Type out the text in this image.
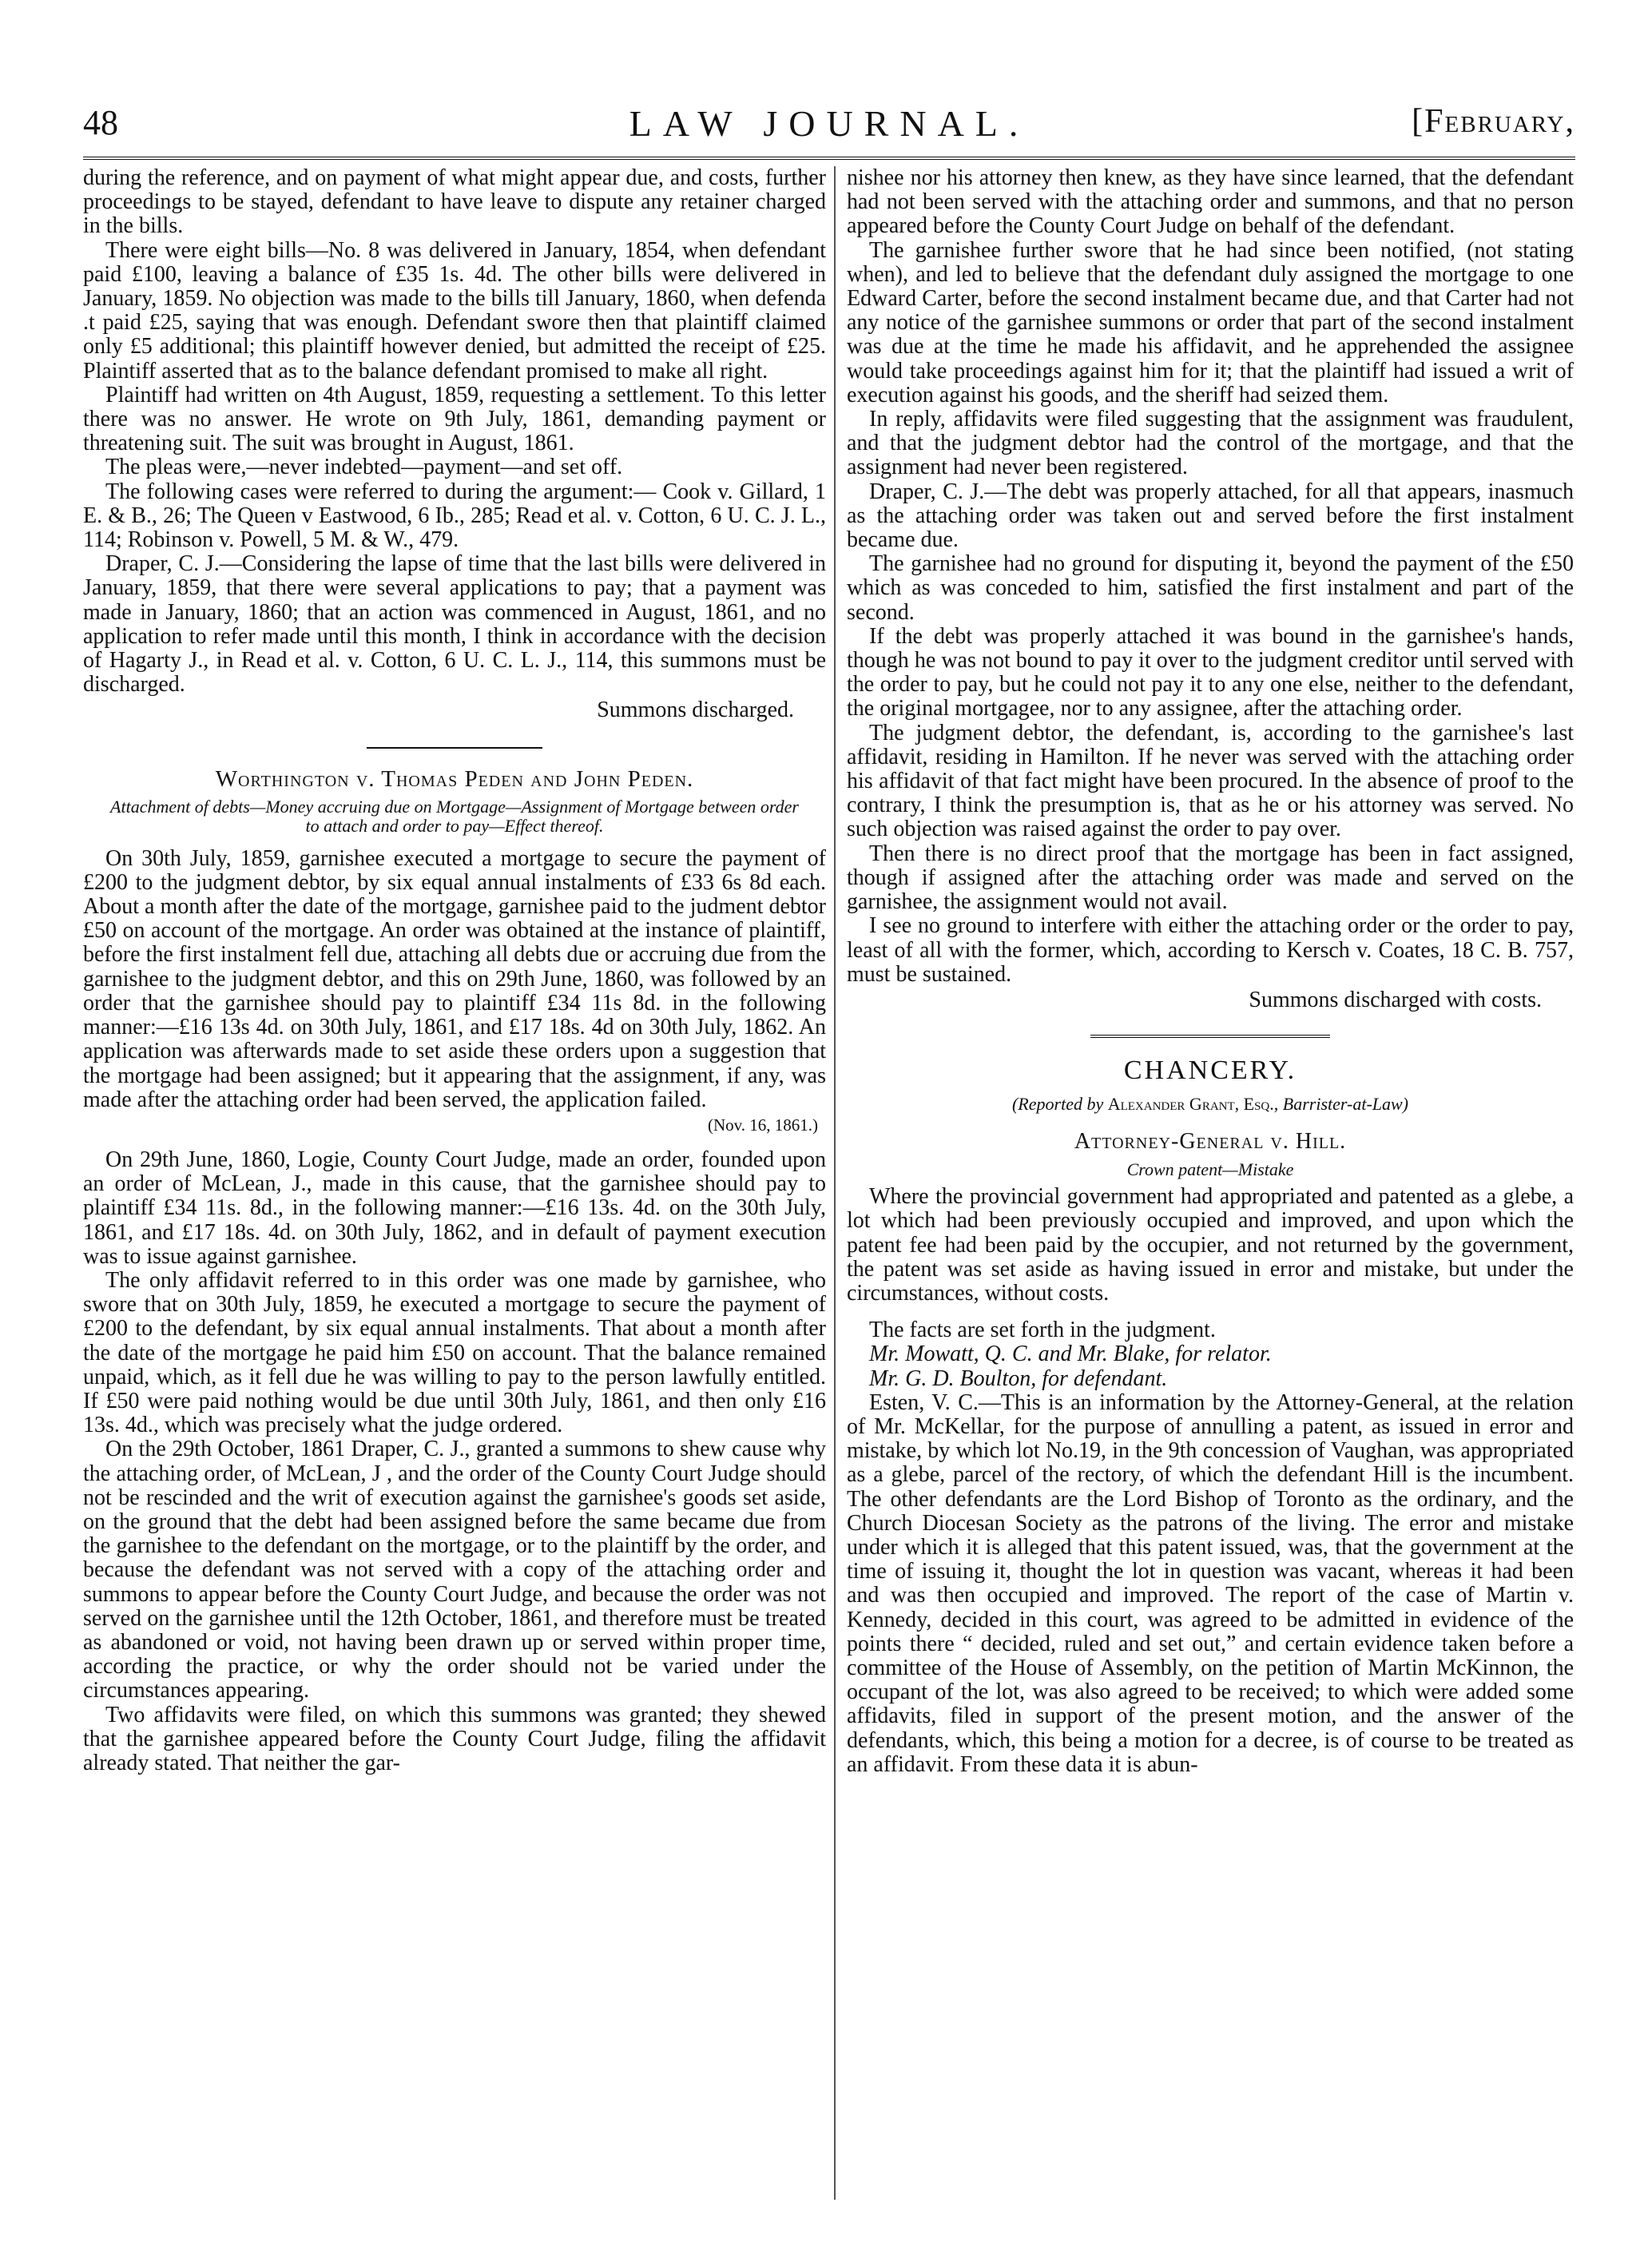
48	LAW JOURNAL.	[February,

during the reference, and on payment of what might appear due, and costs, further proceedings to be stayed, defendant to have leave to dispute any retainer charged in the bills.

There were eight bills—No. 8 was delivered in January, 1854, when defendant paid £100, leaving a balance of £35 1s. 4d. The other bills were delivered in January, 1859. No objection was made to the bills till January, 1860, when defenda .t paid £25, saying that was enough. Defendant swore then that plaintiff claimed only £5 additional; this plaintiff however denied, but admitted the receipt of £25. Plaintiff asserted that as to the balance defendant promised to make all right.

Plaintiff had written on 4th August, 1859, requesting a settlement. To this letter there was no answer. He wrote on 9th July, 1861, demanding payment or threatening suit. The suit was brought in August, 1861.

The pleas were,—never indebted—payment—and set off.

The following cases were referred to during the argument:— Cook v. Gillard, 1 E. & B., 26; The Queen v Eastwood, 6 Ib., 285; Read et al. v. Cotton, 6 U. C. J. L., 114; Robinson v. Powell, 5 M. & W., 479.

Draper, C. J.—Considering the lapse of time that the last bills were delivered in January, 1859, that there were several applications to pay; that a payment was made in January, 1860; that an action was commenced in August, 1861, and no application to refer made until this month, I think in accordance with the decision of Hagarty J., in Read et al. v. Cotton, 6 U. C. L. J., 114, this summons must be discharged.

Summons discharged.

Worthington v. Thomas Peden and John Peden.
Attachment of debts—Money accruing due on Mortgage—Assignment of Mortgage between order to attach and order to pay—Effect thereof.

On 30th July, 1859, garnishee executed a mortgage to secure the payment of £200 to the judgment debtor, by six equal annual instalments of £33 6s 8d each. About a month after the date of the mortgage, garnishee paid to the judment debtor £50 on account of the mortgage. An order was obtained at the instance of plaintiff, before the first instalment fell due, attaching all debts due or accruing due from the garnishee to the judgment debtor, and this on 29th June, 1860, was followed by an order that the garnishee should pay to plaintiff £34 11s 8d. in the following manner:—£16 13s 4d. on 30th July, 1861, and £17 18s. 4d on 30th July, 1862. An application was afterwards made to set aside these orders upon a suggestion that the mortgage had been assigned; but it appearing that the assignment, if any, was made after the attaching order had been served, the application failed.

(Nov. 16, 1861.)

On 29th June, 1860, Logie, County Court Judge, made an order, founded upon an order of McLean, J., made in this cause, that the garnishee should pay to plaintiff £34 11s. 8d., in the following manner:—£16 13s. 4d. on the 30th July, 1861, and £17 18s. 4d. on 30th July, 1862, and in default of payment execution was to issue against garnishee.

The only affidavit referred to in this order was one made by garnishee, who swore that on 30th July, 1859, he executed a mortgage to secure the payment of £200 to the defendant, by six equal annual instalments. That about a month after the date of the mortgage he paid him £50 on account. That the balance remained unpaid, which, as it fell due he was willing to pay to the person lawfully entitled. If £50 were paid nothing would be due until 30th July, 1861, and then only £16 13s. 4d., which was precisely what the judge ordered.

On the 29th October, 1861 Draper, C. J., granted a summons to shew cause why the attaching order, of McLean, J , and the order of the County Court Judge should not be rescinded and the writ of execution against the garnishee's goods set aside, on the ground that the debt had been assigned before the same became due from the garnishee to the defendant on the mortgage, or to the plaintiff by the order, and because the defendant was not served with a copy of the attaching order and summons to appear before the County Court Judge, and because the order was not served on the garnishee until the 12th October, 1861, and therefore must be treated as abandoned or void, not having been drawn up or served within proper time, according the practice, or why the order should not be varied under the circumstances appearing.

Two affidavits were filed, on which this summons was granted; they shewed that the garnishee appeared before the County Court Judge, filing the affidavit already stated. That neither the gar-

nishee nor his attorney then knew, as they have since learned, that the defendant had not been served with the attaching order and summons, and that no person appeared before the County Court Judge on behalf of the defendant.

The garnishee further swore that he had since been notified, (not stating when), and led to believe that the defendant duly assigned the mortgage to one Edward Carter, before the second instalment became due, and that Carter had not any notice of the garnishee summons or order that part of the second instalment was due at the time he made his affidavit, and he apprehended the assignee would take proceedings against him for it; that the plaintiff had issued a writ of execution against his goods, and the sheriff had seized them.

In reply, affidavits were filed suggesting that the assignment was fraudulent, and that the judgment debtor had the control of the mortgage, and that the assignment had never been registered.

Draper, C. J.—The debt was properly attached, for all that appears, inasmuch as the attaching order was taken out and served before the first instalment became due.

The garnishee had no ground for disputing it, beyond the payment of the £50 which as was conceded to him, satisfied the first instalment and part of the second.

If the debt was properly attached it was bound in the garnishee's hands, though he was not bound to pay it over to the judgment creditor until served with the order to pay, but he could not pay it to any one else, neither to the defendant, the original mortgagee, nor to any assignee, after the attaching order.

The judgment debtor, the defendant, is, according to the garnishee's last affidavit, residing in Hamilton. If he never was served with the attaching order his affidavit of that fact might have been procured. In the absence of proof to the contrary, I think the presumption is, that as he or his attorney was served. No such objection was raised against the order to pay over.

Then there is no direct proof that the mortgage has been in fact assigned, though if assigned after the attaching order was made and served on the garnishee, the assignment would not avail.

I see no ground to interfere with either the attaching order or the order to pay, least of all with the former, which, according to Kersch v. Coates, 18 C. B. 757, must be sustained.

Summons discharged with costs.

CHANCERY.
(Reported by Alexander Grant, Esq., Barrister-at-Law)
Attorney-General v. Hill.
Crown patent—Mistake

Where the provincial government had appropriated and patented as a glebe, a lot which had been previously occupied and improved, and upon which the patent fee had been paid by the occupier, and not returned by the government, the patent was set aside as having issued in error and mistake, but under the circumstances, without costs.

The facts are set forth in the judgment.

Mr. Mowatt, Q. C. and Mr. Blake, for relator.

Mr. G. D. Boulton, for defendant.

Esten, V. C.—This is an information by the Attorney-General, at the relation of Mr. McKellar, for the purpose of annulling a patent, as issued in error and mistake, by which lot No.19, in the 9th concession of Vaughan, was appropriated as a glebe, parcel of the rectory, of which the defendant Hill is the incumbent. The other defendants are the Lord Bishop of Toronto as the ordinary, and the Church Diocesan Society as the patrons of the living. The error and mistake under which it is alleged that this patent issued, was, that the government at the time of issuing it, thought the lot in question was vacant, whereas it had been and was then occupied and improved. The report of the case of Martin v. Kennedy, decided in this court, was agreed to be admitted in evidence of the points there “ decided, ruled and set out,” and certain evidence taken before a committee of the House of Assembly, on the petition of Martin McKinnon, the occupant of the lot, was also agreed to be received; to which were added some affidavits, filed in support of the present motion, and the answer of the defendants, which, this being a motion for a decree, is of course to be treated as an affidavit. From these data it is abun-
